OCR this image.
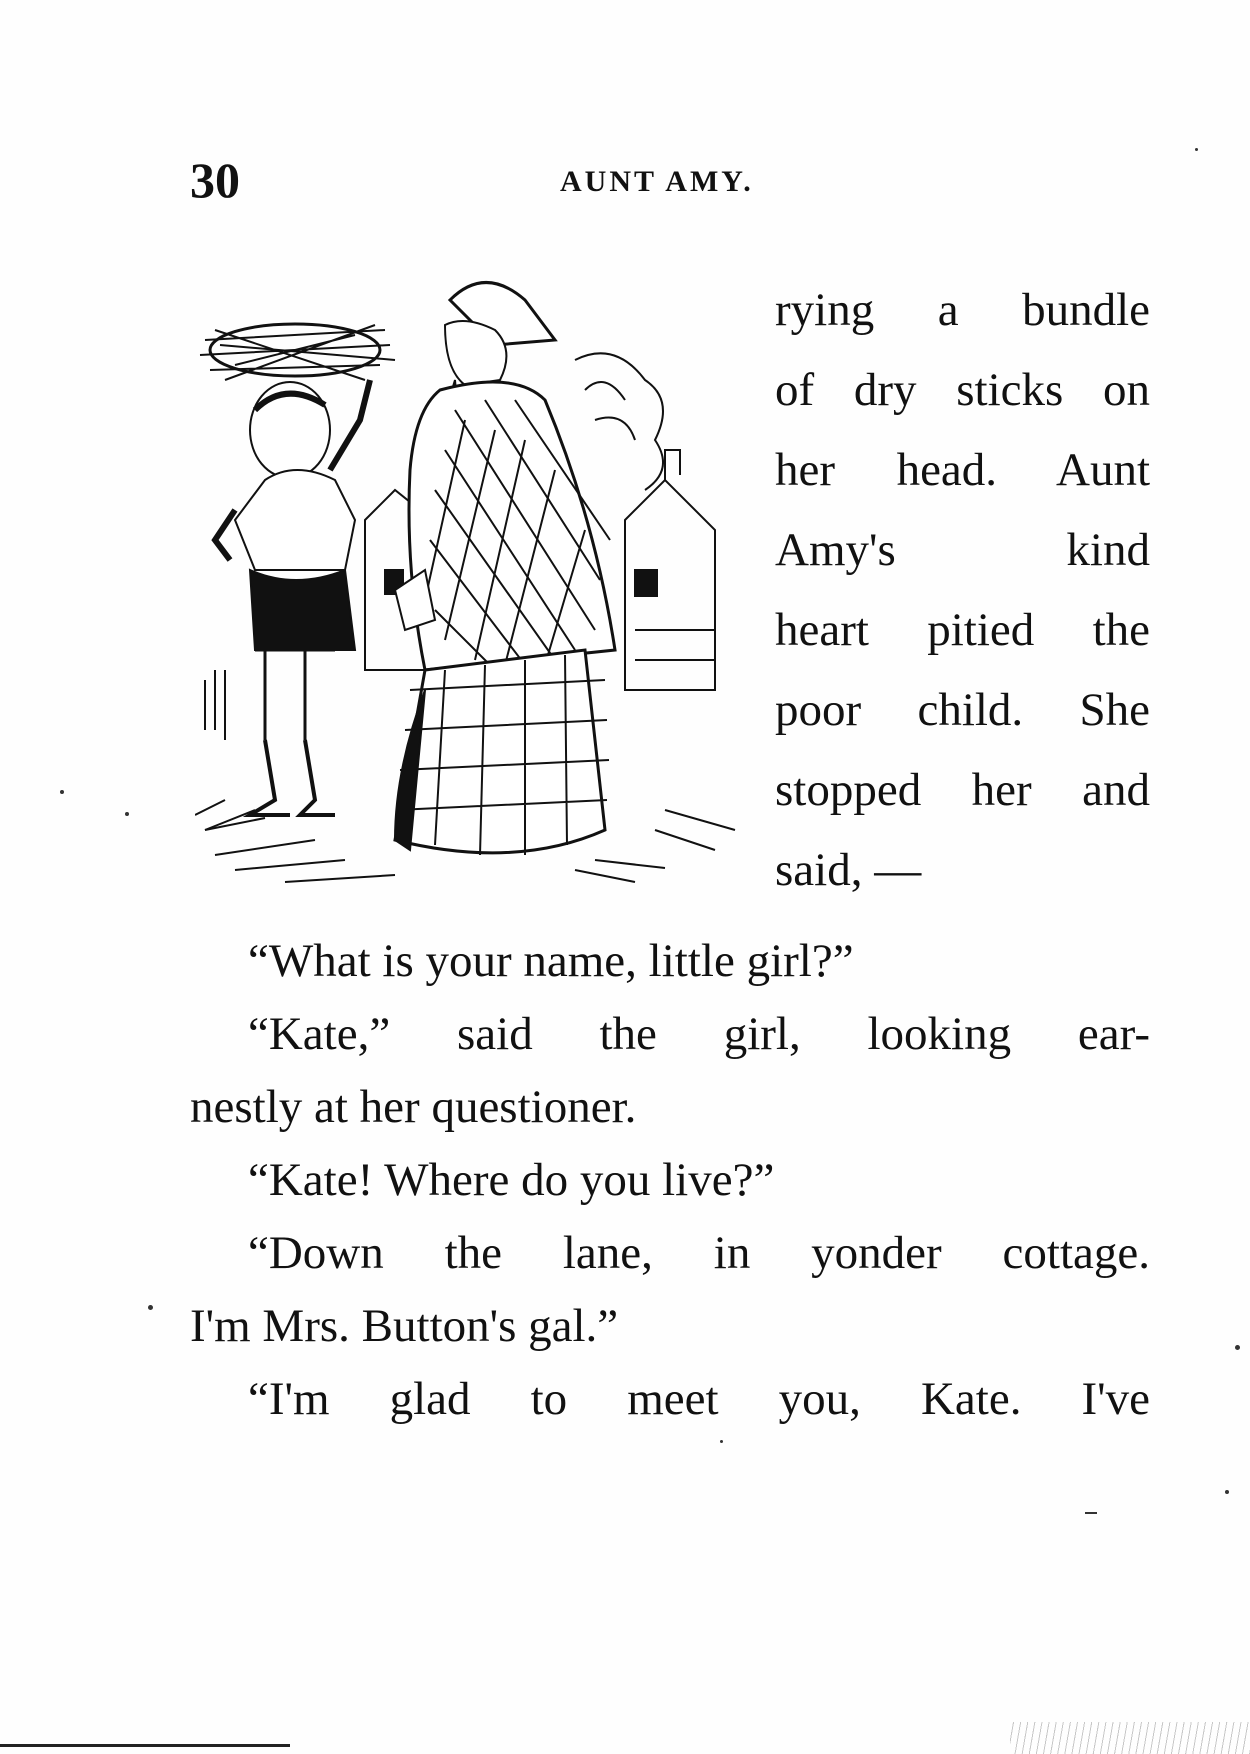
30	AUNT AMY.
rying a bundle
of dry sticks on
her head. Aunt
Amy's kind
heart pitied the
poor child. She
stopped her and
said, —
“What is your name, little girl?”
“Kate,” said the girl, looking ear-
nestly at her questioner.
“Kate! Where do you live?”
“Down the lane, in yonder cottage.
I'm Mrs. Button's gal.”
“I'm glad to meet you, Kate. I've
